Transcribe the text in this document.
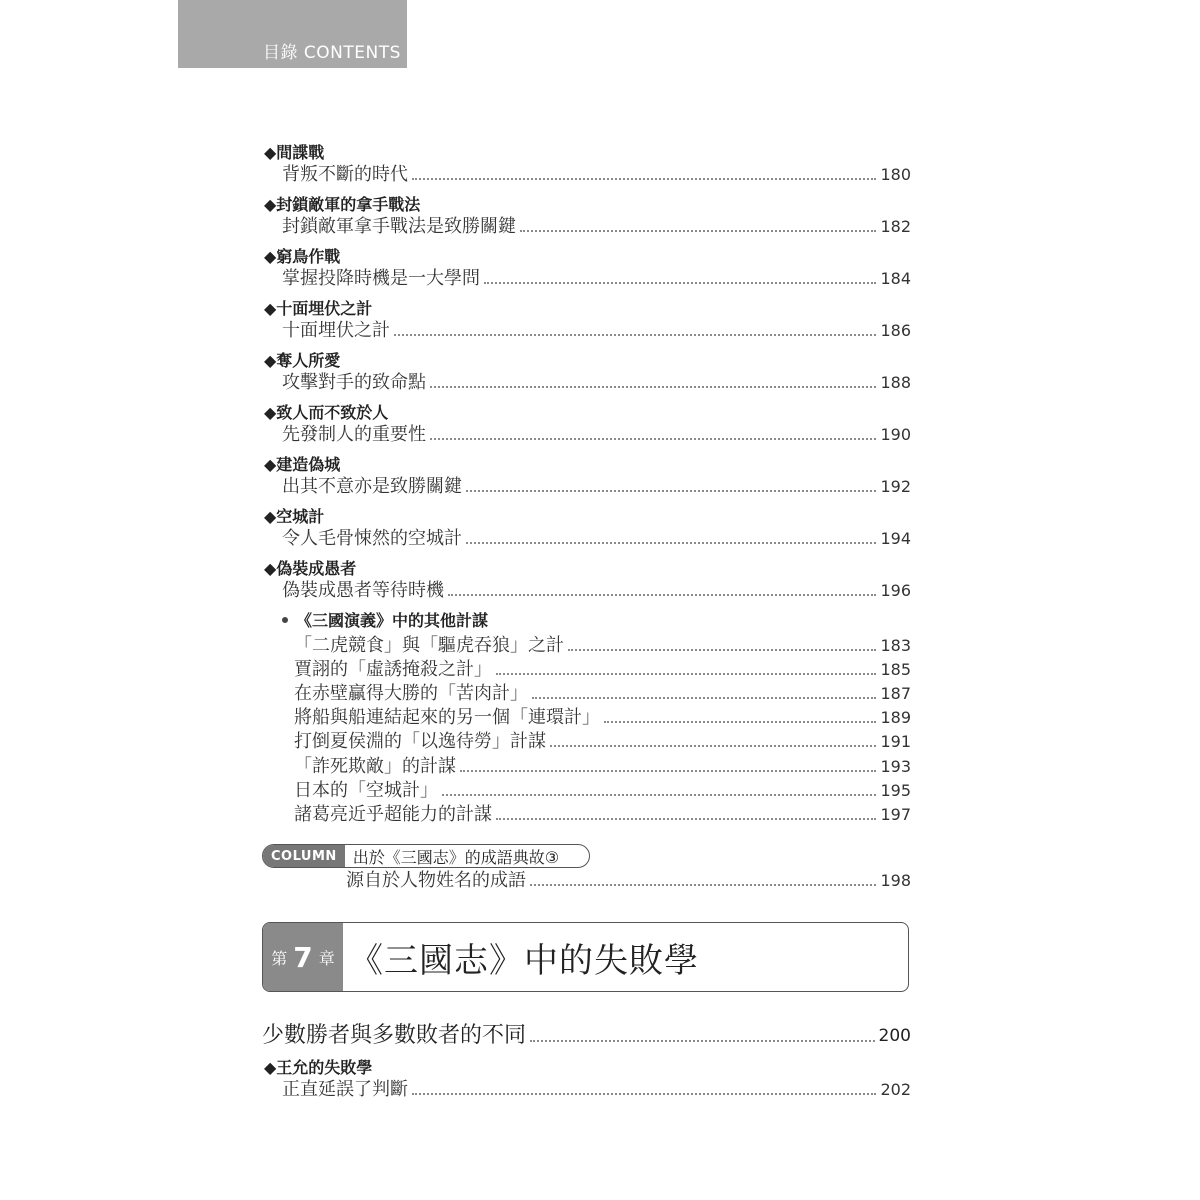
目錄 CONTENTS
◆間諜戰
背叛不斷的時代	180
◆封鎖敵軍的拿手戰法
封鎖敵軍拿手戰法是致勝關鍵	182
◆窮鳥作戰
掌握投降時機是一大學問	184
◆十面埋伏之計
十面埋伏之計	186
◆奪人所愛
攻擊對手的致命點	188
◆致人而不致於人
先發制人的重要性	190
◆建造偽城
出其不意亦是致勝關鍵	192
◆空城計
令人毛骨悚然的空城計	194
◆偽裝成愚者
偽裝成愚者等待時機	196
《三國演義》中的其他計謀
「二虎競食」與「驅虎吞狼」之計	183
賈詡的「虛誘掩殺之計」	185
在赤壁贏得大勝的「苦肉計」	187
將船與船連結起來的另一個「連環計」	189
打倒夏侯淵的「以逸待勞」計謀	191
「詐死欺敵」的計謀	193
日本的「空城計」	195
諸葛亮近乎超能力的計謀	197
COLUMN	出於《三國志》的成語典故③
源自於人物姓名的成語	198
第 7 章 《三國志》中的失敗學
少數勝者與多數敗者的不同	200
◆王允的失敗學
正直延誤了判斷	202
